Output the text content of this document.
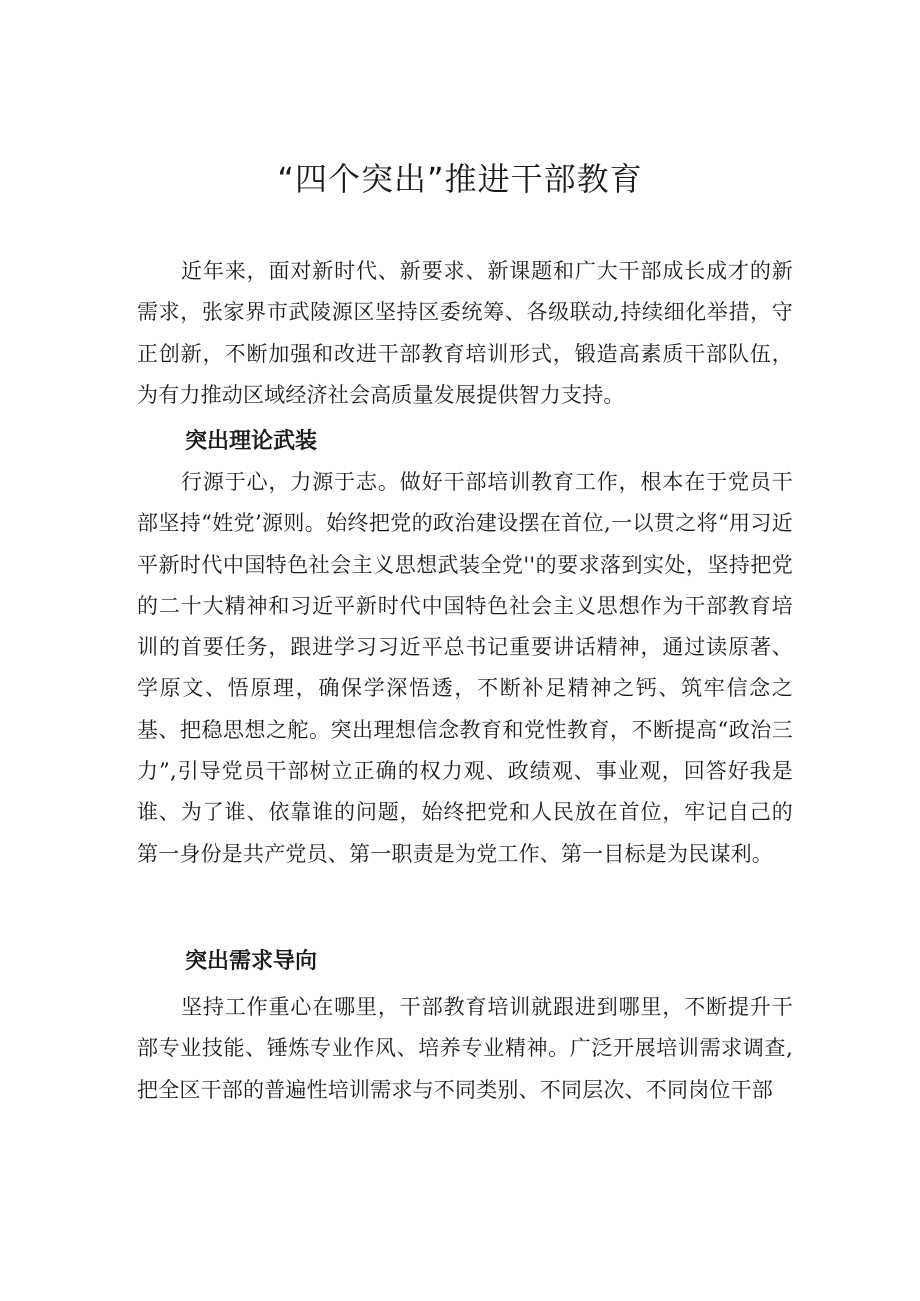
“四个突出”推进干部教育

近年来，面对新时代、新要求、新课题和广大干部成长成才的新需求，张家界市武陵源区坚持区委统筹、各级联动,持续细化举措，守正创新，不断加强和改进干部教育培训形式，锻造高素质干部队伍，为有力推动区域经济社会高质量发展提供智力支持。

突出理论武装

行源于心，力源于志。做好干部培训教育工作，根本在于党员干部坚持“姓党’源则。始终把党的政治建设摆在首位,一以贯之将“用习近平新时代中国特色社会主义思想武装全党''的要求落到实处，坚持把党的二十大精神和习近平新时代中国特色社会主义思想作为干部教育培训的首要任务，跟进学习习近平总书记重要讲话精神，通过读原著、学原文、悟原理，确保学深悟透，不断补足精神之钙、筑牢信念之基、把稳思想之舵。突出理想信念教育和党性教育，不断提高“政治三力”,引导党员干部树立正确的权力观、政绩观、事业观，回答好我是谁、为了谁、依靠谁的问题，始终把党和人民放在首位，牢记自己的第一身份是共产党员、第一职责是为党工作、第一目标是为民谋利。

突出需求导向

坚持工作重心在哪里，干部教育培训就跟进到哪里，不断提升干部专业技能、锤炼专业作风、培养专业精神。广泛开展培训需求调查,把全区干部的普遍性培训需求与不同类别、不同层次、不同岗位干部
